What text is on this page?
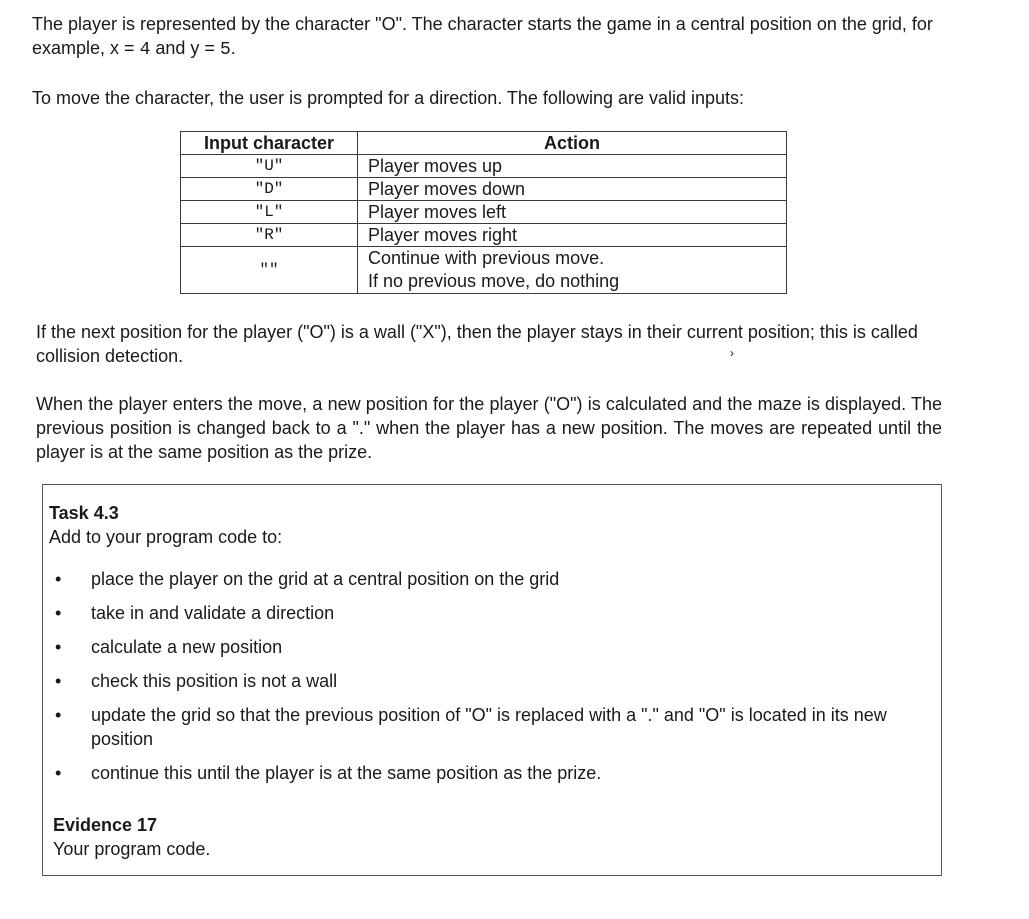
The player is represented by the character "O". The character starts the game in a central position on the grid, for example, x = 4 and y = 5.

To move the character, the user is prompted for a direction. The following are valid inputs:

Input character	Action
"U"	Player moves up
"D"	Player moves down
"L"	Player moves left
"R"	Player moves right
""	Continue with previous move.
If no previous move, do nothing

If the next position for the player ("O") is a wall ("X"), then the player stays in their current position; this is called collision detection.	›

When the player enters the move, a new position for the player ("O") is calculated and the maze is displayed. The previous position is changed back to a "." when the player has a new position. The moves are repeated until the player is at the same position as the prize.

Task 4.3

Add to your program code to:

• place the player on the grid at a central position on the grid
• take in and validate a direction
• calculate a new position
• check this position is not a wall
• update the grid so that the previous position of "O" is replaced with a "." and "O" is located in its new position
• continue this until the player is at the same position as the prize.

Evidence 17

Your program code.
